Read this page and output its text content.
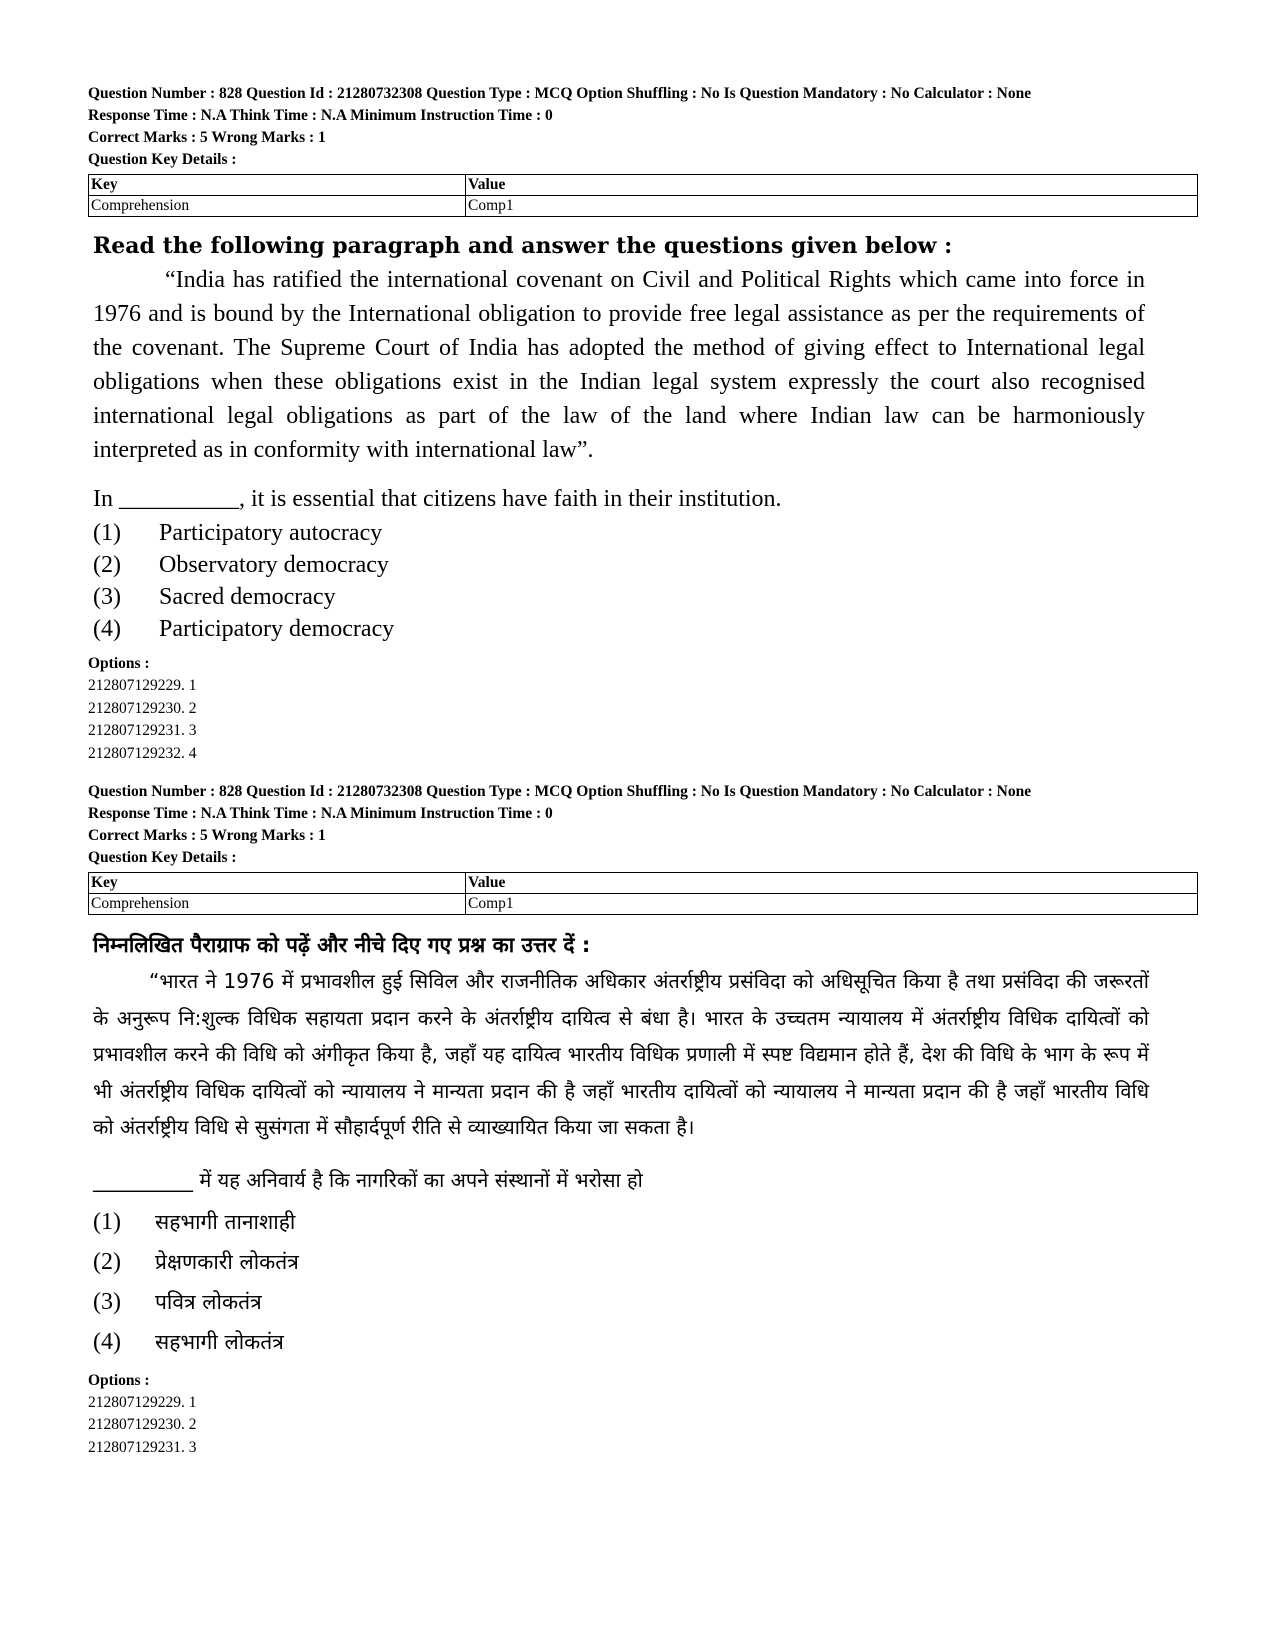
Question Number : 828 Question Id : 21280732308 Question Type : MCQ Option Shuffling : No Is Question Mandatory : No Calculator : None
Response Time : N.A Think Time : N.A Minimum Instruction Time : 0
Correct Marks : 5 Wrong Marks : 1
Question Key Details :
Key	Value
Comprehension	Comp1
Read the following paragraph and answer the questions given below :

“India has ratified the international covenant on Civil and Political Rights which came into force in 1976 and is bound by the International obligation to provide free legal assistance as per the requirements of the covenant. The Supreme Court of India has adopted the method of giving effect to International legal obligations when these obligations exist in the Indian legal system expressly the court also recognised international legal obligations as part of the law of the land where Indian law can be harmoniously interpreted as in conformity with international law”.

In __________, it is essential that citizens have faith in their institution.
(1) Participatory autocracy
(2) Observatory democracy
(3) Sacred democracy
(4) Participatory democracy
Options :
212807129229. 1
212807129230. 2
212807129231. 3
212807129232. 4
Question Number : 828 Question Id : 21280732308 Question Type : MCQ Option Shuffling : No Is Question Mandatory : No Calculator : None
Response Time : N.A Think Time : N.A Minimum Instruction Time : 0
Correct Marks : 5 Wrong Marks : 1
Question Key Details :
Key	Value
Comprehension	Comp1
निम्नलिखित पैराग्राफ को पढ़ें और नीचे दिए गए प्रश्न का उत्तर दें :

“भारत ने 1976 में प्रभावशील हुई सिविल और राजनीतिक अधिकार अंतर्राष्ट्रीय प्रसंविदा को अधिसूचित किया है तथा प्रसंविदा की जरूरतों के अनुरूप नि:शुल्क विधिक सहायता प्रदान करने के अंतर्राष्ट्रीय दायित्व से बंधा है। भारत के उच्चतम न्यायालय में अंतर्राष्ट्रीय विधिक दायित्वों को प्रभावशील करने की विधि को अंगीकृत किया है, जहाँ यह दायित्व भारतीय विधिक प्रणाली में स्पष्ट विद्यमान होते हैं, देश की विधि के भाग के रूप में भी अंतर्राष्ट्रीय विधिक दायित्वों को न्यायालय ने मान्यता प्रदान की है जहाँ भारतीय दायित्वों को न्यायालय ने मान्यता प्रदान की है जहाँ भारतीय विधि को अंतर्राष्ट्रीय विधि से सुसंगता में सौहार्दपूर्ण रीति से व्याख्यायित किया जा सकता है।

__________ में यह अनिवार्य है कि नागरिकों का अपने संस्थानों में भरोसा हो
(1) सहभागी तानाशाही
(2) प्रेक्षणकारी लोकतंत्र
(3) पवित्र लोकतंत्र
(4) सहभागी लोकतंत्र
Options :
212807129229. 1
212807129230. 2
212807129231. 3
